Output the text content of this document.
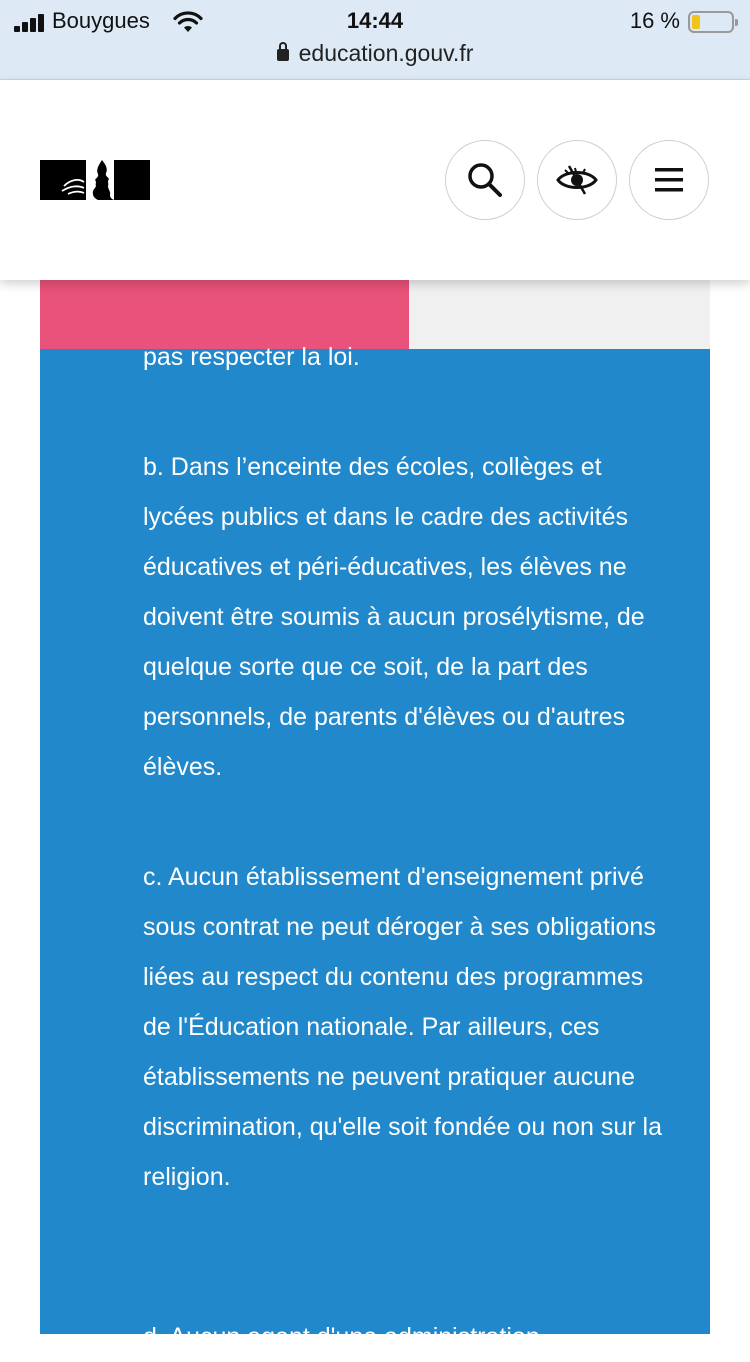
Bouygues	14:44	16 %
education.gouv.fr

pas respecter la loi.

b. Dans l’enceinte des écoles, collèges et lycées publics et dans le cadre des activités éducatives et péri-éducatives, les élèves ne doivent être soumis à aucun prosélytisme, de quelque sorte que ce soit, de la part des personnels, de parents d'élèves ou d'autres élèves.

c. Aucun établissement d'enseignement privé sous contrat ne peut déroger à ses obligations liées au respect du contenu des programmes de l'Éducation nationale. Par ailleurs, ces établissements ne peuvent pratiquer aucune discrimination, qu'elle soit fondée ou non sur la religion.

d. Aucun agent d'une administration
